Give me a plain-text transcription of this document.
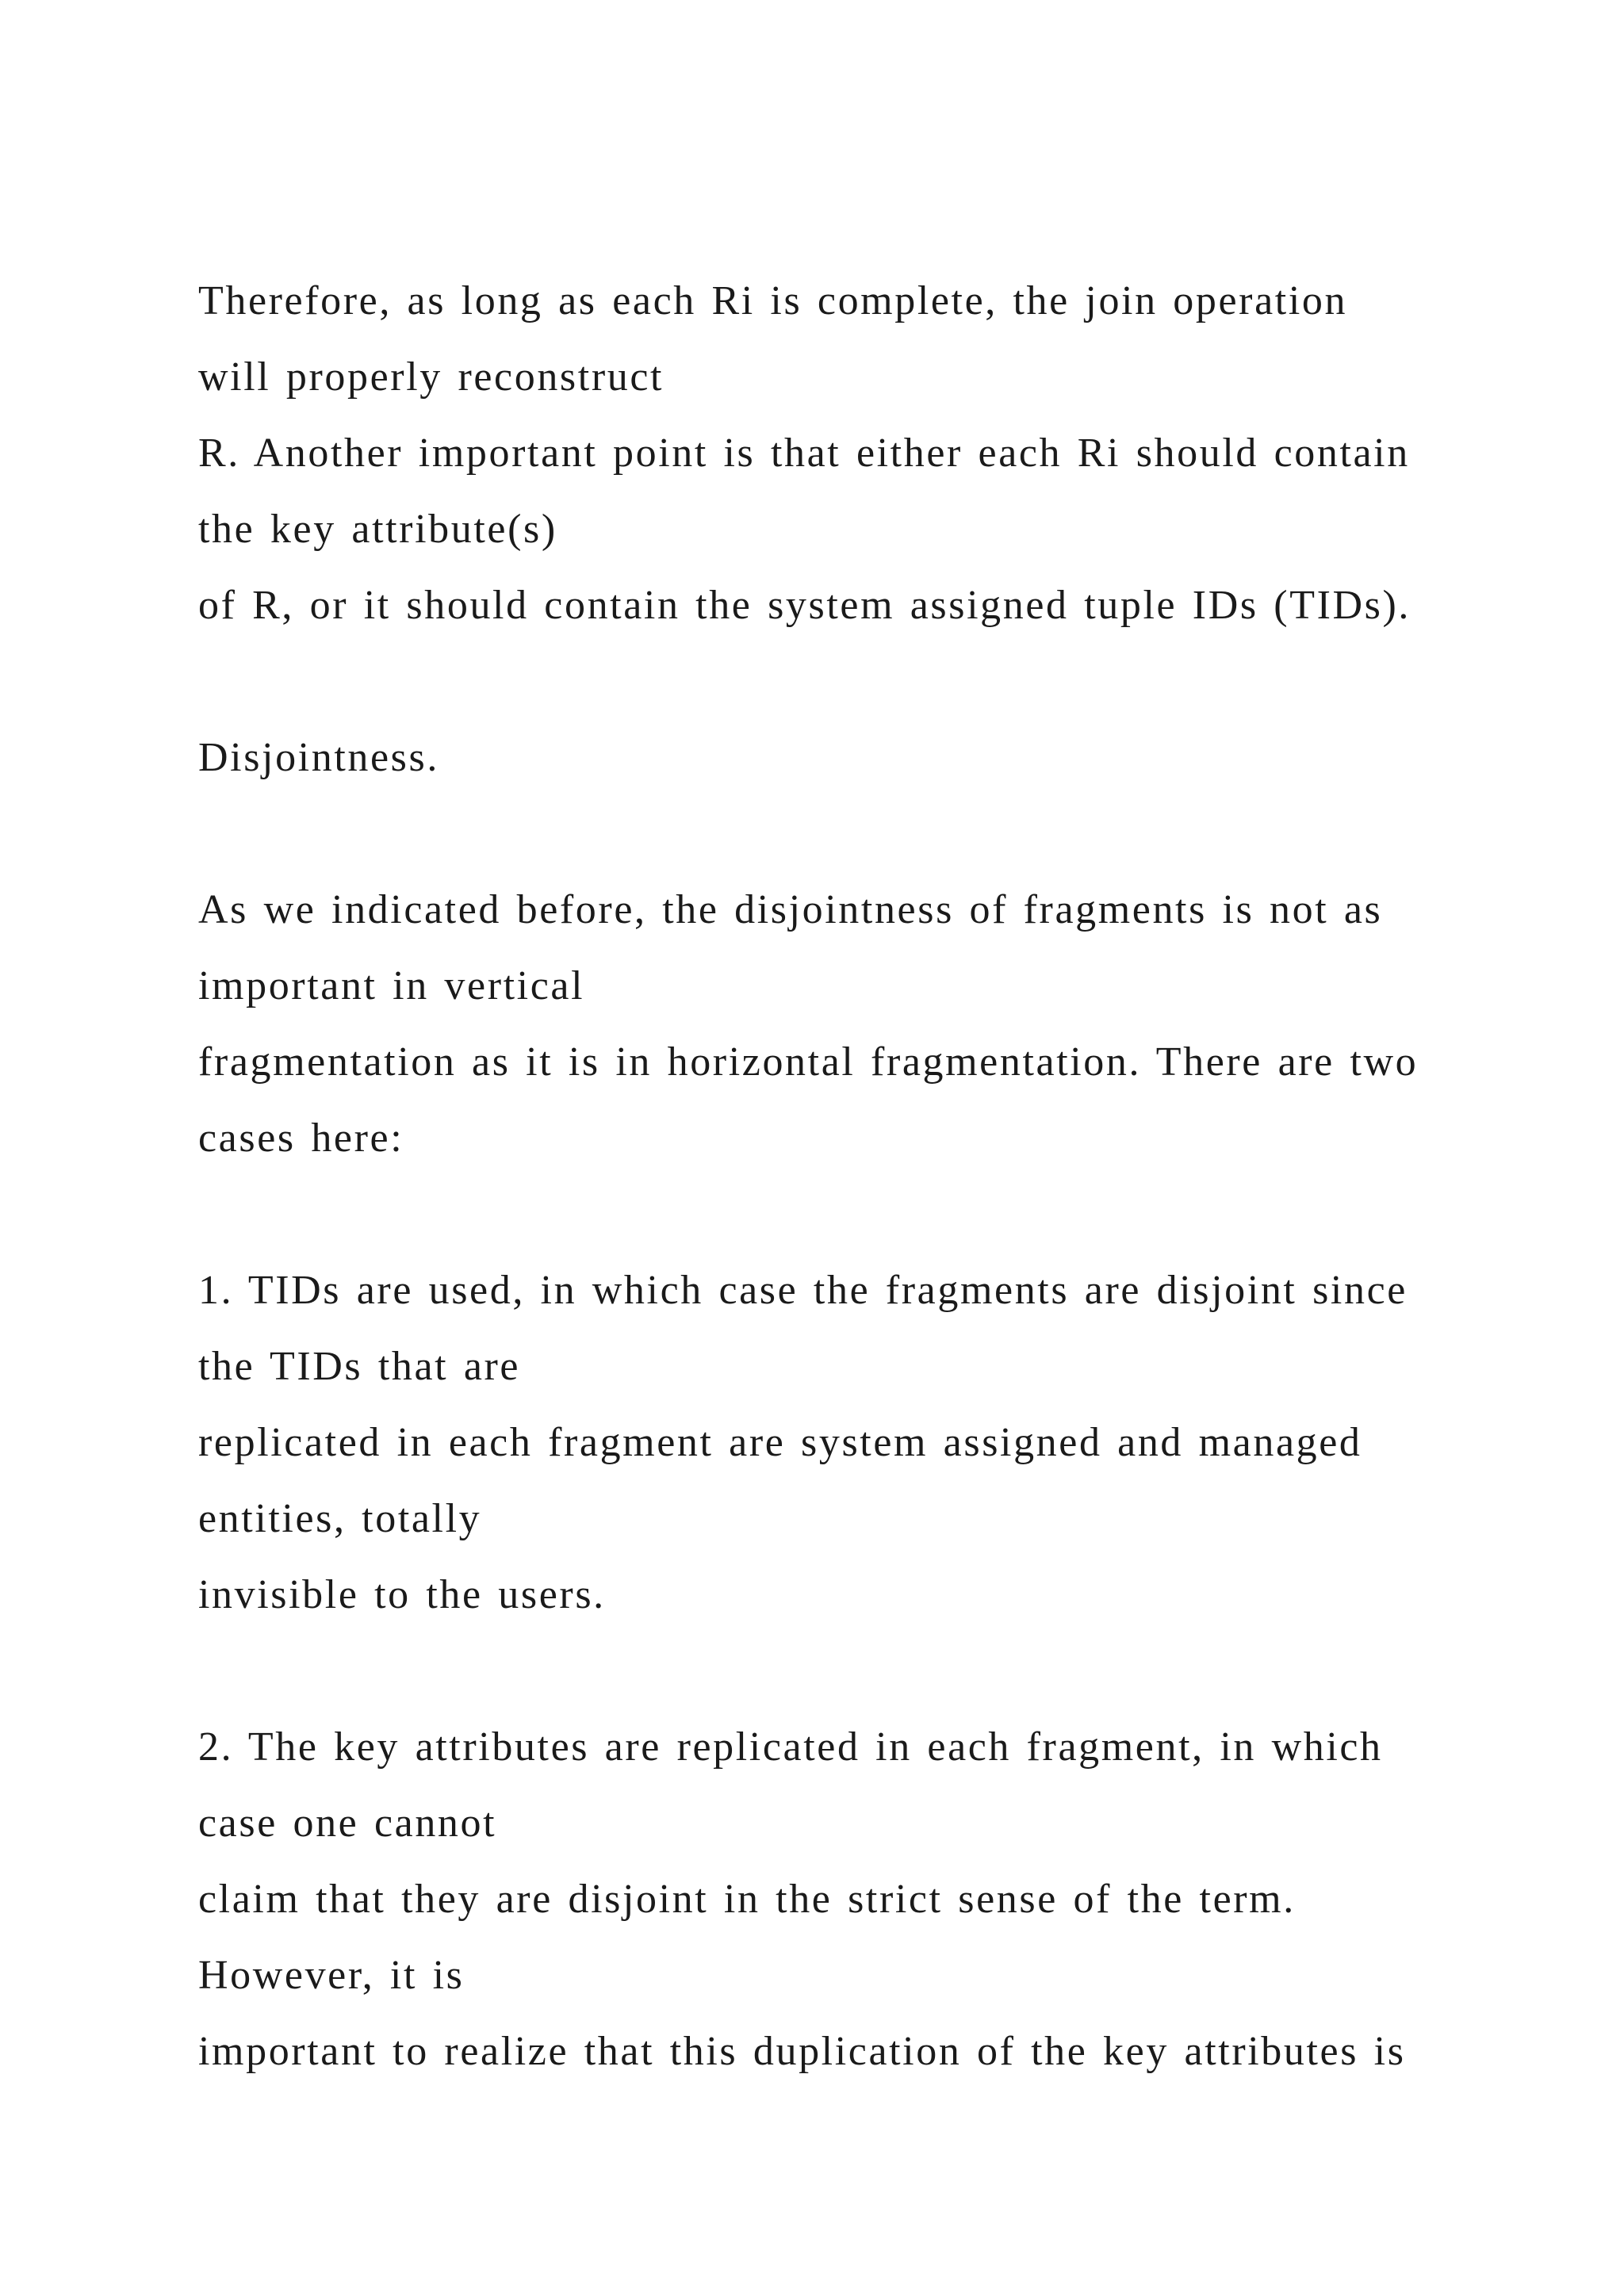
Therefore, as long as each Ri is complete, the join operation
will properly reconstruct
R. Another important point is that either each Ri should contain
the key attribute(s)
of R, or it should contain the system assigned tuple IDs (TIDs).
Disjointness.
As we indicated before, the disjointness of fragments is not as
important in vertical
fragmentation as it is in horizontal fragmentation. There are two
cases here:
1. TIDs are used, in which case the fragments are disjoint since
the TIDs that are
replicated in each fragment are system assigned and managed
entities, totally
invisible to the users.
2. The key attributes are replicated in each fragment, in which
case one cannot
claim that they are disjoint in the strict sense of the term.
However, it is
important to realize that this duplication of the key attributes is
